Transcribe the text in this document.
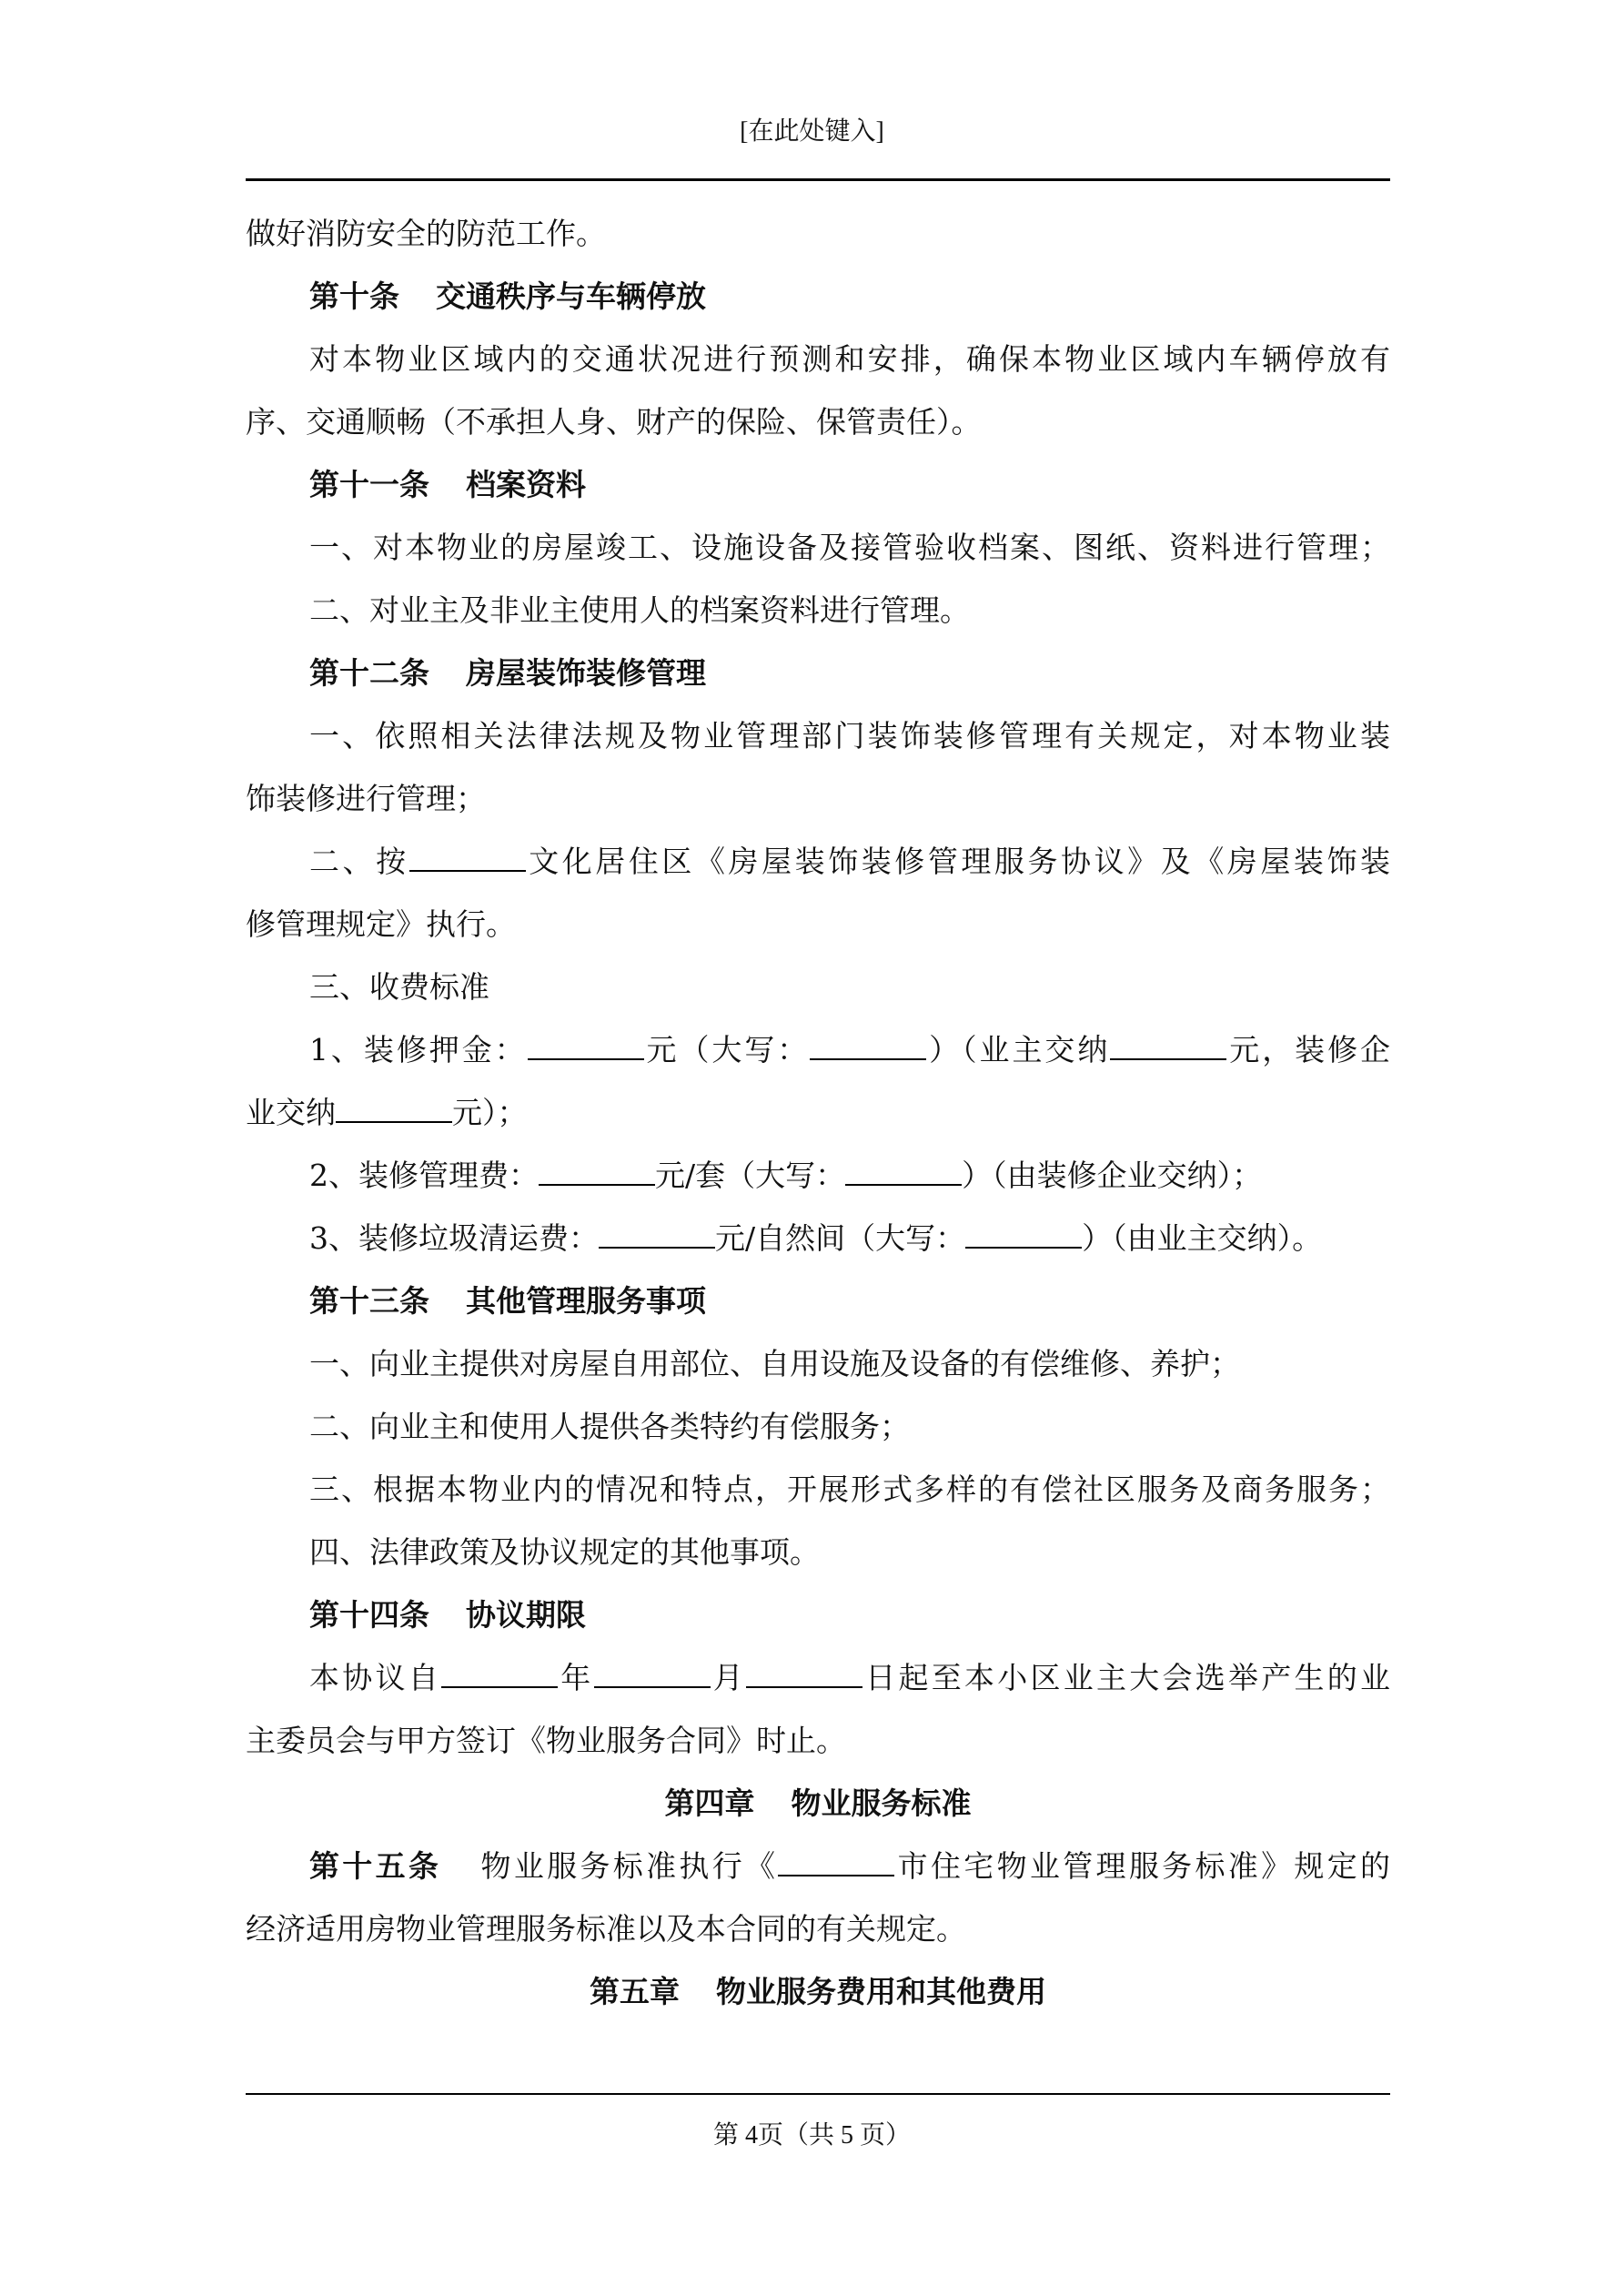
[在此处键入]
做好消防安全的防范工作。
第十条 交通秩序与车辆停放
对本物业区域内的交通状况进行预测和安排，确保本物业区域内车辆停放有
序、交通顺畅（不承担人身、财产的保险、保管责任）。
第十一条 档案资料
一、对本物业的房屋竣工、设施设备及接管验收档案、图纸、资料进行管理；
二、对业主及非业主使用人的档案资料进行管理。
第十二条 房屋装饰装修管理
一、依照相关法律法规及物业管理部门装饰装修管理有关规定，对本物业装
饰装修进行管理；
二、按	文化居住区《房屋装饰装修管理服务协议》及《房屋装饰装
修管理规定》执行。
三、收费标准
1、装修押金：	元（大写：	）（业主交纳	元，装修企
业交纳	元）；
2、装修管理费：	元/套（大写：	）（由装修企业交纳）；
3、装修垃圾清运费：	元/自然间（大写：	）（由业主交纳）。
第十三条 其他管理服务事项
一、向业主提供对房屋自用部位、自用设施及设备的有偿维修、养护；
二、向业主和使用人提供各类特约有偿服务；
三、根据本物业内的情况和特点，开展形式多样的有偿社区服务及商务服务；
四、法律政策及协议规定的其他事项。
第十四条 协议期限
本协议自	年	月	日起至本小区业主大会选举产生的业
主委员会与甲方签订《物业服务合同》时止。
第四章 物业服务标准
第十五条 物业服务标准执行《	市住宅物业管理服务标准》规定的
经济适用房物业管理服务标准以及本合同的有关规定。
第五章 物业服务费用和其他费用
第 4页（共 5 页）
